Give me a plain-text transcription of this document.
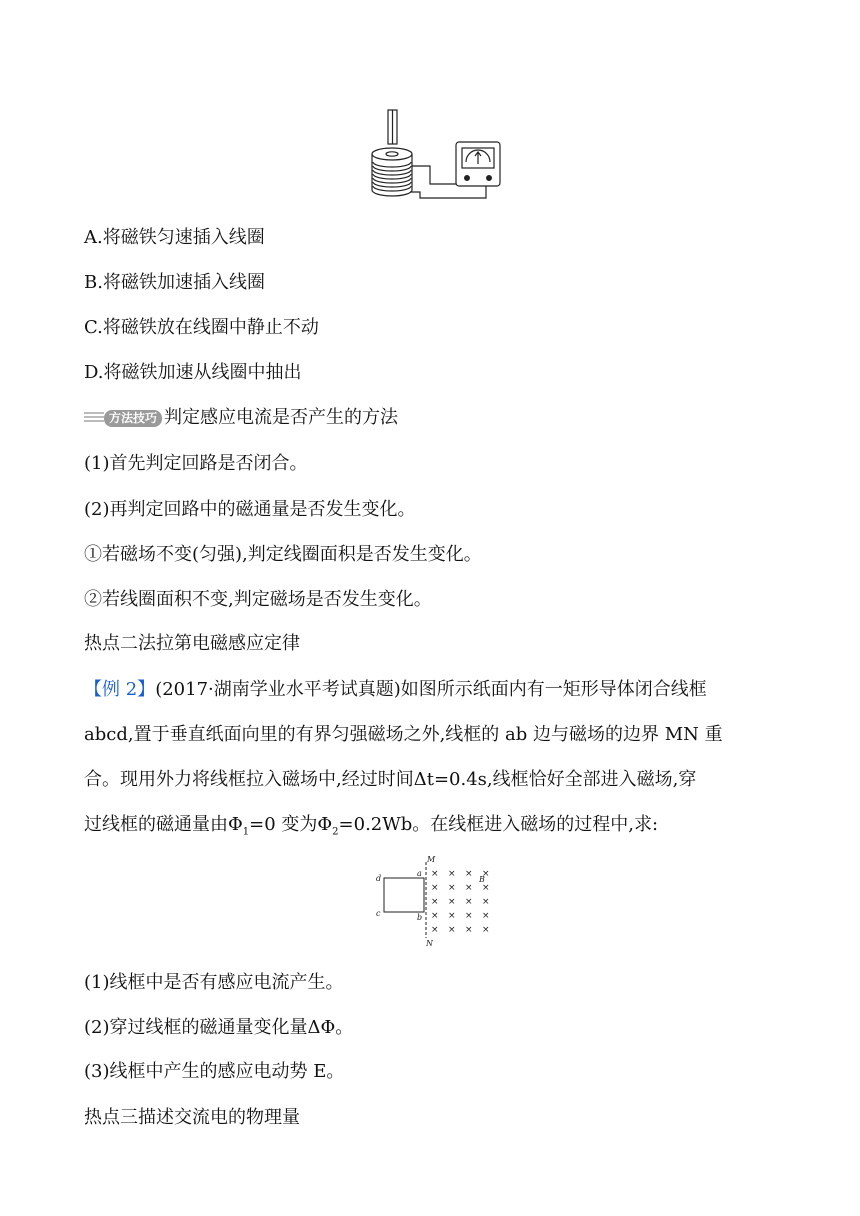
A.将磁铁匀速插入线圈
B.将磁铁加速插入线圈
C.将磁铁放在线圈中静止不动
D.将磁铁加速从线圈中抽出
方法技巧 判定感应电流是否产生的方法
(1)首先判定回路是否闭合。
(2)再判定回路中的磁通量是否发生变化。
①若磁场不变(匀强),判定线圈面积是否发生变化。
②若线圈面积不变,判定磁场是否发生变化。
热点二法拉第电磁感应定律
【例 2】(2017·湖南学业水平考试真题)如图所示纸面内有一矩形导体闭合线框
abcd,置于垂直纸面向里的有界匀强磁场之外,线框的 ab 边与磁场的边界 MN 重
合。现用外力将线框拉入磁场中,经过时间Δt=0.4s,线框恰好全部进入磁场,穿
过线框的磁通量由$\Phi_1=0$ 变为$\Phi_2=0.2Wb$。在线框进入磁场的过程中,求:
M
N
d
a
c	b
B
× × × ×
× × × ×
× × × ×
× × × ×
× × × ×
(1)线框中是否有感应电流产生。
(2)穿过线框的磁通量变化量ΔΦ。
(3)线框中产生的感应电动势 E。
热点三描述交流电的物理量
